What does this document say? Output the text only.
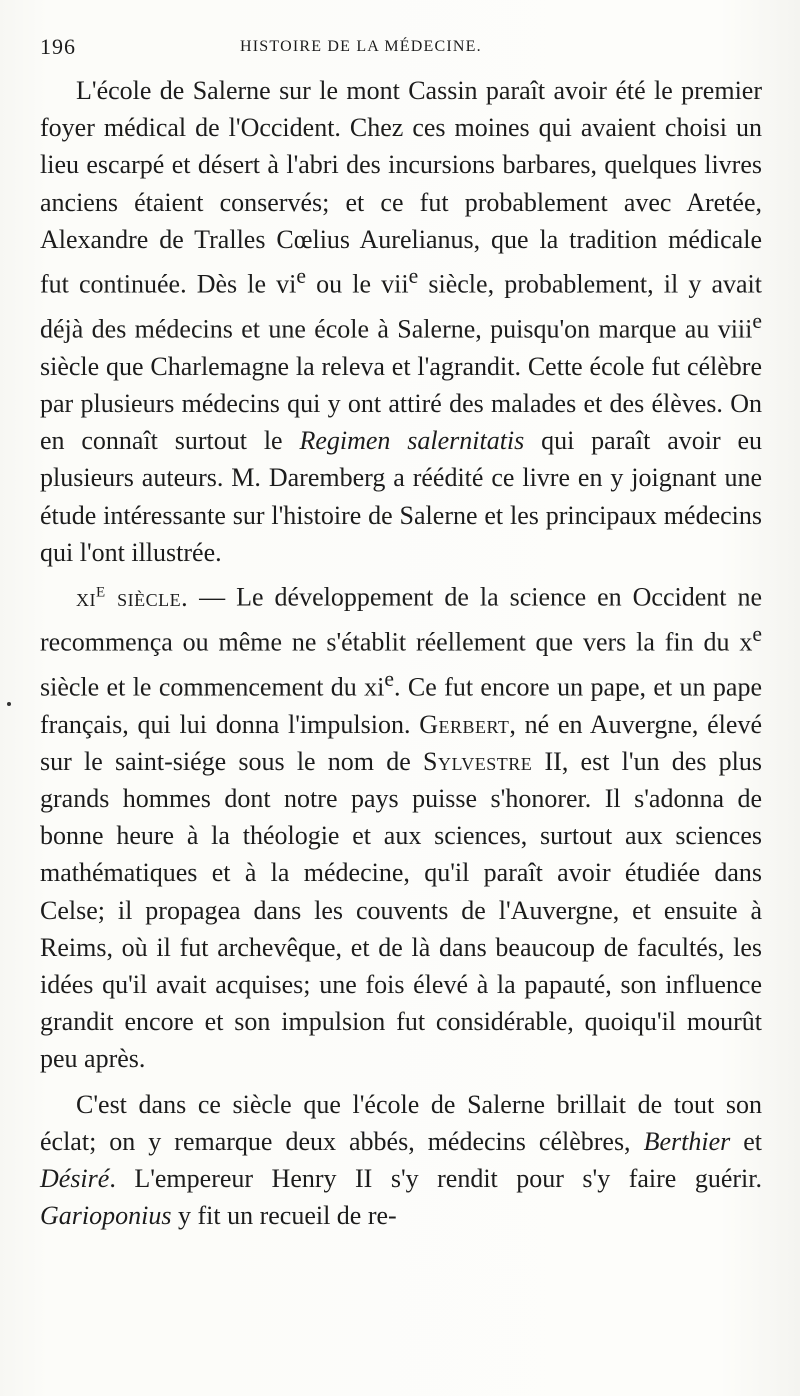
196	HISTOIRE DE LA MÉDECINE.

L'école de Salerne sur le mont Cassin paraît avoir été le premier foyer médical de l'Occident. Chez ces moines qui avaient choisi un lieu escarpé et désert à l'abri des incursions barbares, quelques livres anciens étaient conservés; et ce fut probablement avec Aretée, Alexandre de Tralles Cœlius Aurelianus, que la tradition médicale fut continuée. Dès le $vi^e$ ou le vii$^e$ siècle, probablement, il y avait déjà des médecins et une école à Salerne, puisqu'on marque au viii$^e$ siècle que Charlemagne la releva et l'agrandit. Cette école fut célèbre par plusieurs médecins qui y ont attiré des malades et des élèves. On en connaît surtout le Regimen salernitatis qui paraît avoir eu plusieurs auteurs. M. Daremberg a réédité ce livre en y joignant une étude intéressante sur l'histoire de Salerne et les principaux médecins qui l'ont illustrée.

$xi^e$ siècle. — Le développement de la science en Occident ne recommença ou même ne s'établit réellement que vers la fin du $x^e$ siècle et le commencement du $xi^e$. Ce fut encore un pape, et un pape français, qui lui donna l'impulsion. Gerbert, né en Auvergne, élevé sur le saint-siége sous le nom de Sylvestre II, est l'un des plus grands hommes dont notre pays puisse s'honorer. Il s'adonna de bonne heure à la théologie et aux sciences, surtout aux sciences mathématiques et à la médecine, qu'il paraît avoir étudiée dans Celse; il propagea dans les couvents de l'Auvergne, et ensuite à Reims, où il fut archevêque, et de là dans beaucoup de facultés, les idées qu'il avait acquises; une fois élevé à la papauté, son influence grandit encore et son impulsion fut considérable, quoiqu'il mourût peu après.

C'est dans ce siècle que l'école de Salerne brillait de tout son éclat; on y remarque deux abbés, médecins célèbres, Berthier et Désiré. L'empereur Henry II s'y rendit pour s'y faire guérir. Garioponius y fit un recueil de re-
